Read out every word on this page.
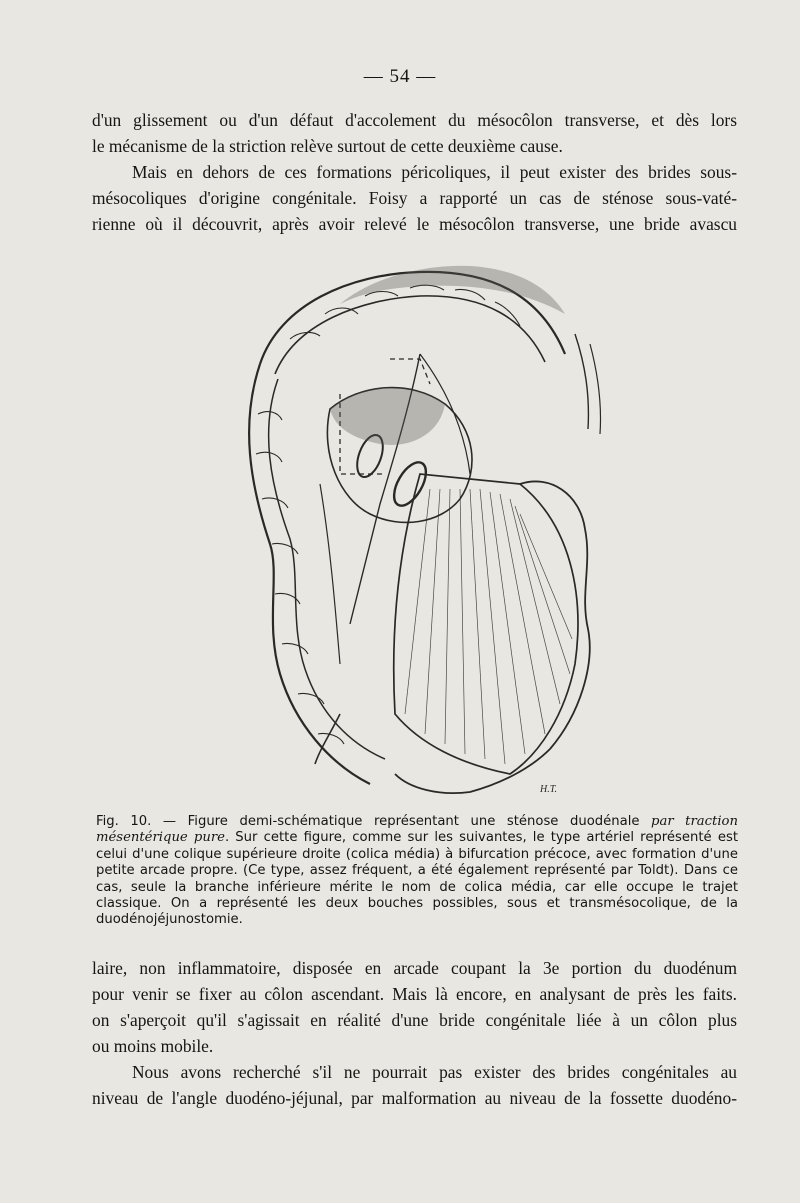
— 54 —

d'un glissement ou d'un défaut d'accolement du mésocôlon transverse, et dès lors

le mécanisme de la striction relève surtout de cette deuxième cause.

Mais en dehors de ces formations péricoliques, il peut exister des brides sous-

mésocoliques d'origine congénitale. Foisy a rapporté un cas de sténose sous-vaté-

rienne où il découvrit, après avoir relevé le mésocôlon transverse, une bride avascu

H.T.

Fig. 10. — Figure demi-schématique représentant une sténose duodénale par traction mésentérique pure. Sur cette figure, comme sur les suivantes, le type artériel représenté est celui d'une colique supérieure droite (colica média) à bifurcation précoce, avec formation d'une petite arcade propre. (Ce type, assez fréquent, a été également représenté par Toldt). Dans ce cas, seule la branche inférieure mérite le nom de colica média, car elle occupe le trajet classique. On a représenté les deux bouches possibles, sous et transmésocolique, de la duodénojéjunostomie.

laire, non inflammatoire, disposée en arcade coupant la 3e portion du duodénum

pour venir se fixer au côlon ascendant. Mais là encore, en analysant de près les faits.

on s'aperçoit qu'il s'agissait en réalité d'une bride congénitale liée à un côlon plus

ou moins mobile.

Nous avons recherché s'il ne pourrait pas exister des brides congénitales au

niveau de l'angle duodéno-jéjunal, par malformation au niveau de la fossette duodéno-
